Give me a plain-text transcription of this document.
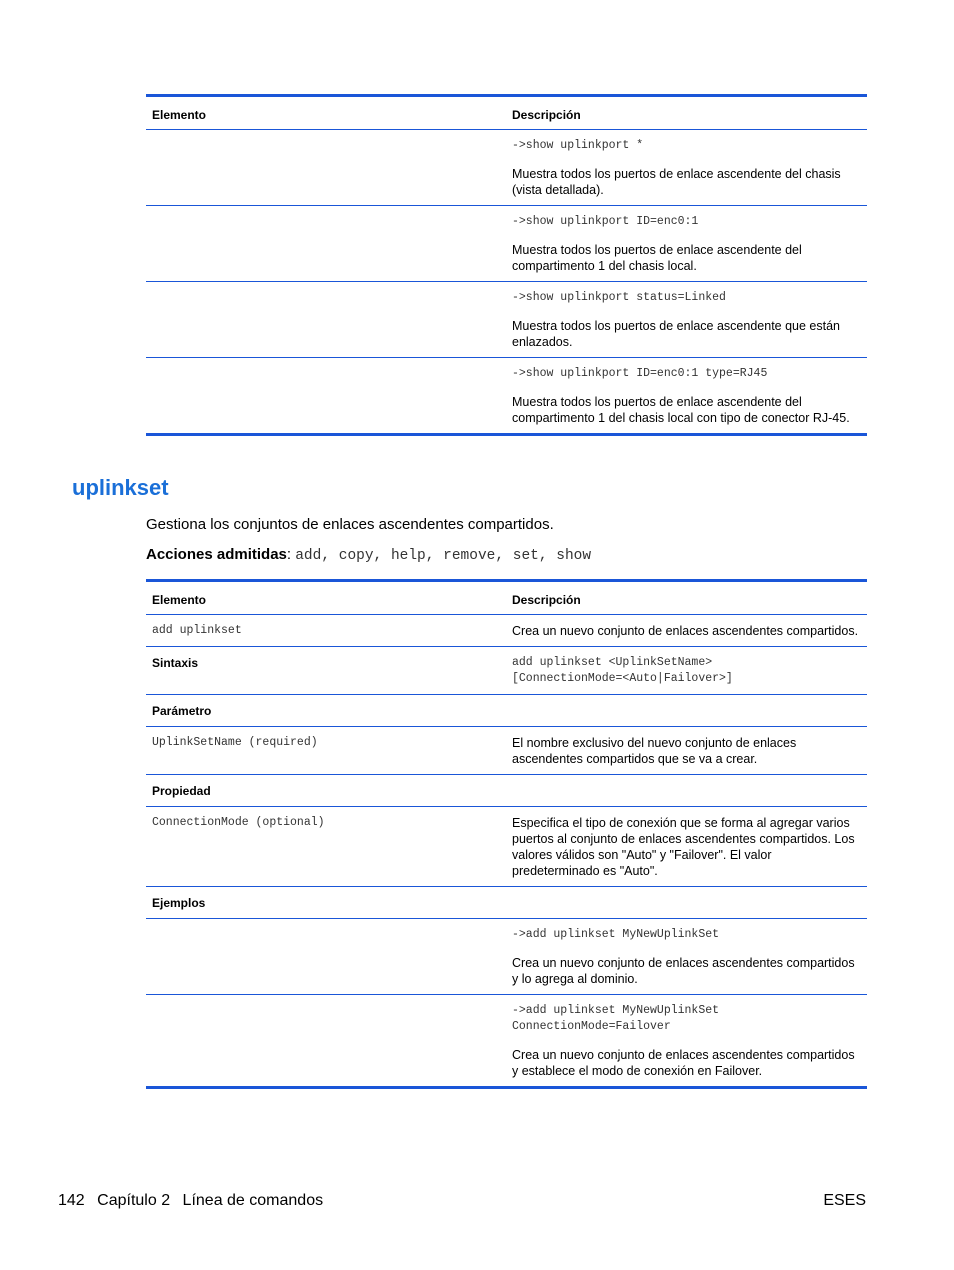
Elemento	Descripción

	->show uplinkport *
Muestra todos los puertos de enlace ascendente del chasis (vista detallada).

	->show uplinkport ID=enc0:1
Muestra todos los puertos de enlace ascendente del compartimento 1 del chasis local.

	->show uplinkport status=Linked
Muestra todos los puertos de enlace ascendente que están enlazados.

	->show uplinkport ID=enc0:1 type=RJ45
Muestra todos los puertos de enlace ascendente del compartimento 1 del chasis local con tipo de conector RJ-45.
uplinkset
Gestiona los conjuntos de enlaces ascendentes compartidos.
Acciones admitidas: add, copy, help, remove, set, show
Elemento	Descripción
add uplinkset	Crea un nuevo conjunto de enlaces ascendentes compartidos.
Sintaxis	add uplinkset <UplinkSetName>
[ConnectionMode=<Auto|Failover>]

Parámetro	
UplinkSetName (required)	El nombre exclusivo del nuevo conjunto de enlaces ascendentes compartidos que se va a crear.
Propiedad	
ConnectionMode (optional)	Especifica el tipo de conexión que se forma al agregar varios puertos al conjunto de enlaces ascendentes compartidos. Los valores válidos son "Auto" y "Failover". El valor predeterminado es "Auto".
Ejemplos	

	->add uplinkset MyNewUplinkSet
Crea un nuevo conjunto de enlaces ascendentes compartidos y lo agrega al dominio.

	->add uplinkset MyNewUplinkSet
ConnectionMode=Failover
Crea un nuevo conjunto de enlaces ascendentes compartidos y establece el modo de conexión en Failover.
142 Capítulo 2 Línea de comandos	ESES
